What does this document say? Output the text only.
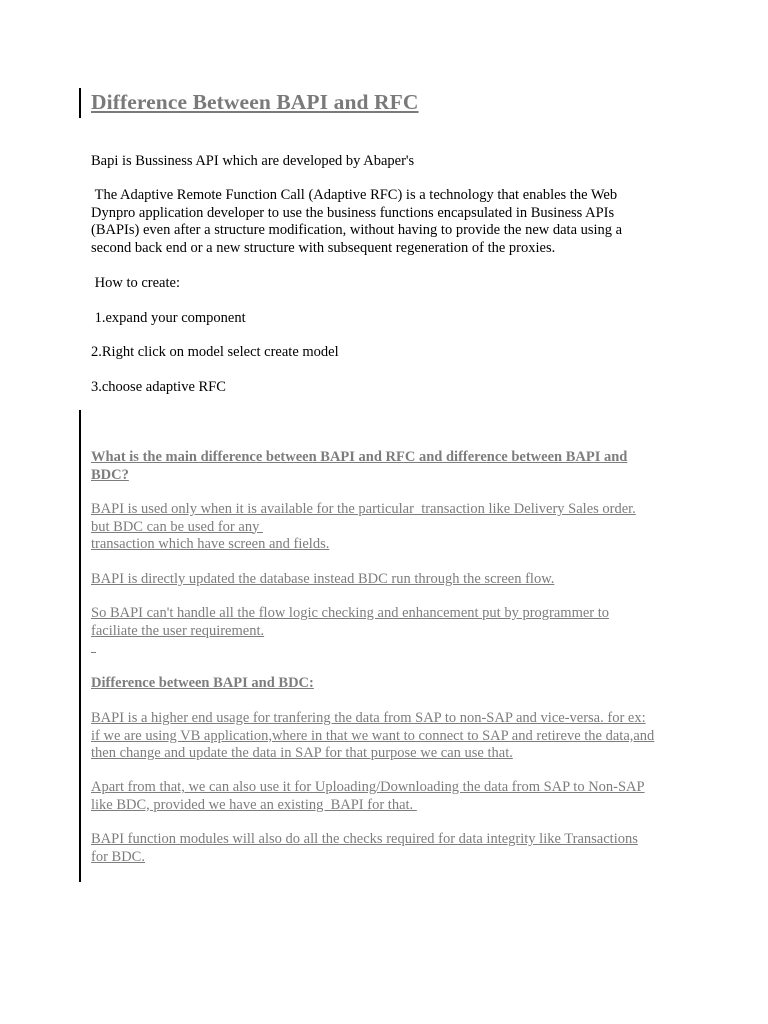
Difference Between BAPI and RFC

Bapi is Bussiness API which are developed by Abaper's

The Adaptive Remote Function Call (Adaptive RFC) is a technology that enables the Web
Dynpro application developer to use the business functions encapsulated in Business APIs
(BAPIs) even after a structure modification, without having to provide the new data using a
second back end or a new structure with subsequent regeneration of the proxies.

How to create:

1.expand your component

2.Right click on model select create model

3.choose adaptive RFC

What is the main difference between BAPI and RFC and difference between BAPI and
BDC?

BAPI is used only when it is available for the particular  transaction like Delivery Sales order.
but BDC can be used for any
transaction which have screen and fields.

BAPI is directly updated the database instead BDC run through the screen flow.

So BAPI can't handle all the flow logic checking and enhancement put by programmer to
faciliate the user requirement.

Difference between BAPI and BDC:

BAPI is a higher end usage for tranfering the data from SAP to non-SAP and vice-versa. for ex:
if we are using VB application,where in that we want to connect to SAP and retireve the data,and
then change and update the data in SAP for that purpose we can use that.

Apart from that, we can also use it for Uploading/Downloading the data from SAP to Non-SAP
like BDC, provided we have an existing  BAPI for that.

BAPI function modules will also do all the checks required for data integrity like Transactions
for BDC.
